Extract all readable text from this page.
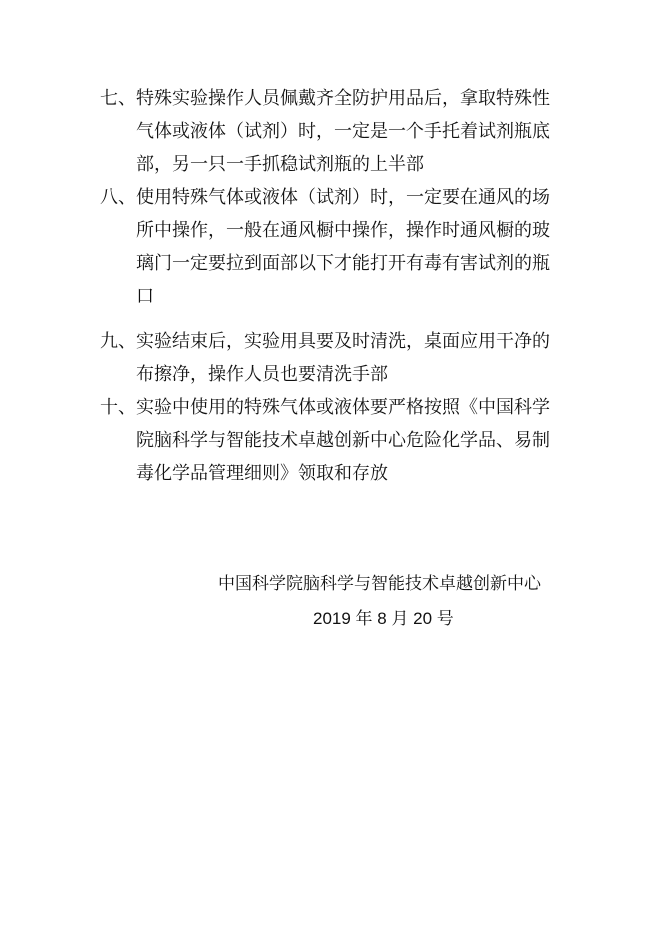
七、 特殊实验操作人员佩戴齐全防护用品后，拿取特殊性
气体或液体（试剂）时，一定是一个手托着试剂瓶底
部，另一只一手抓稳试剂瓶的上半部
八、 使用特殊气体或液体（试剂）时，一定要在通风的场
所中操作，一般在通风橱中操作，操作时通风橱的玻
璃门一定要拉到面部以下才能打开有毒有害试剂的瓶
口
九、 实验结束后，实验用具要及时清洗，桌面应用干净的
布擦净，操作人员也要清洗手部
十、 实验中使用的特殊气体或液体要严格按照《中国科学
院脑科学与智能技术卓越创新中心危险化学品、易制
毒化学品管理细则》领取和存放
中国科学院脑科学与智能技术卓越创新中心
2019 年 8 月 20 号
